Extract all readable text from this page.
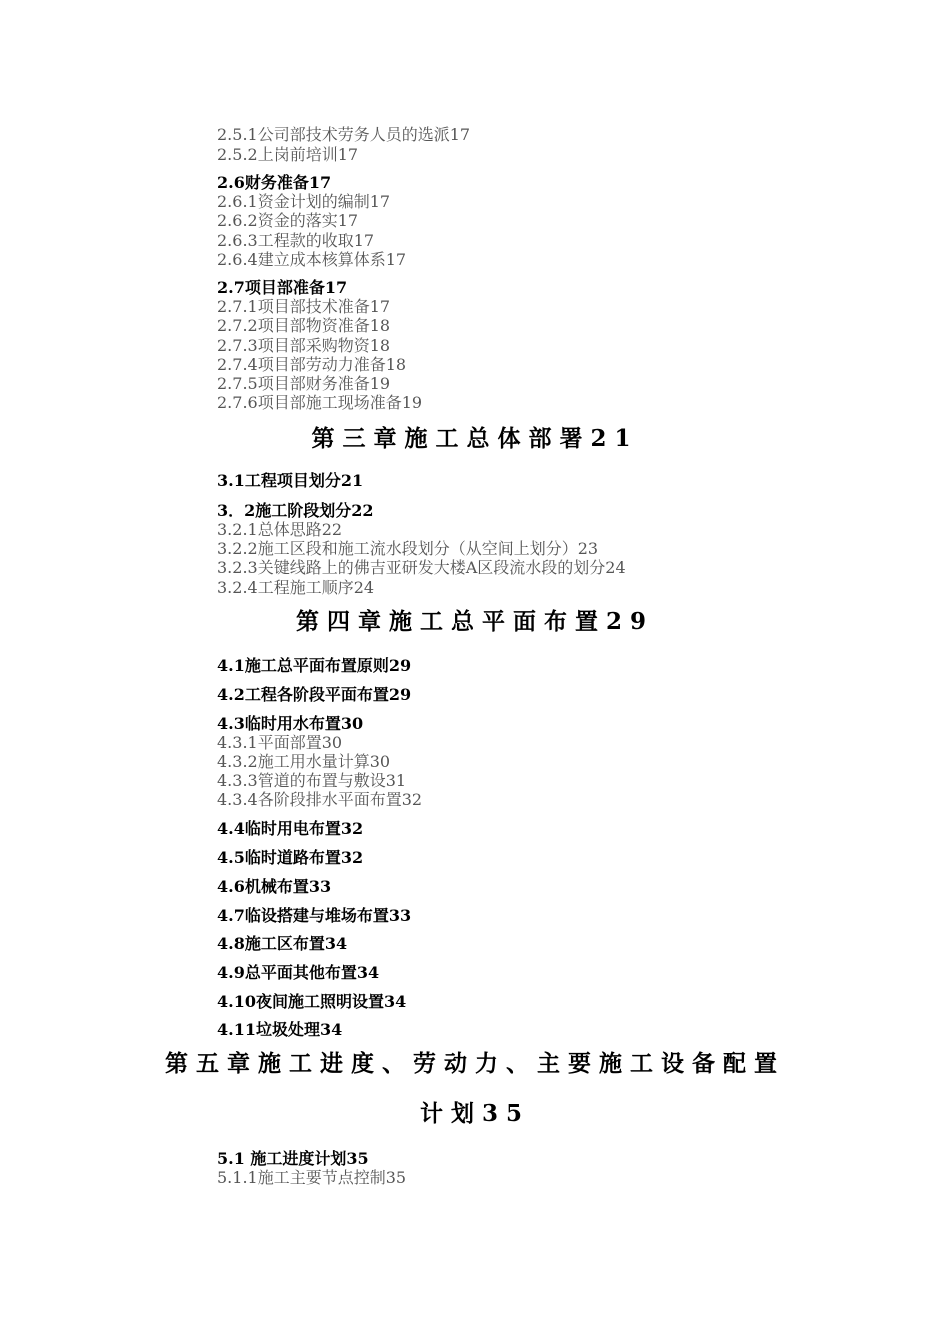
2.5.1公司部技术劳务人员的选派17
2.5.2上岗前培训17
2.6财务准备17
2.6.1资金计划的编制17
2.6.2资金的落实17
2.6.3工程款的收取17
2.6.4建立成本核算体系17
2.7项目部准备17
2.7.1项目部技术准备17
2.7.2项目部物资准备18
2.7.3项目部采购物资18
2.7.4项目部劳动力准备18
2.7.5项目部财务准备19
2.7.6项目部施工现场准备19
第三章施工总体部署21
3.1工程项目划分21
3．2施工阶段划分22
3.2.1总体思路22
3.2.2施工区段和施工流水段划分（从空间上划分）23
3.2.3关键线路上的佛吉亚研发大楼A区段流水段的划分24
3.2.4工程施工顺序24
第四章施工总平面布置29
4.1施工总平面布置原则29
4.2工程各阶段平面布置29
4.3临时用水布置30
4.3.1平面部置30
4.3.2施工用水量计算30
4.3.3管道的布置与敷设31
4.3.4各阶段排水平面布置32
4.4临时用电布置32
4.5临时道路布置32
4.6机械布置33
4.7临设搭建与堆场布置33
4.8施工区布置34
4.9总平面其他布置34
4.10夜间施工照明设置34
4.11垃圾处理34
第五章施工进度、劳动力、主要施工设备配置
计划35
5.1 施工进度计划35
5.1.1施工主要节点控制35
